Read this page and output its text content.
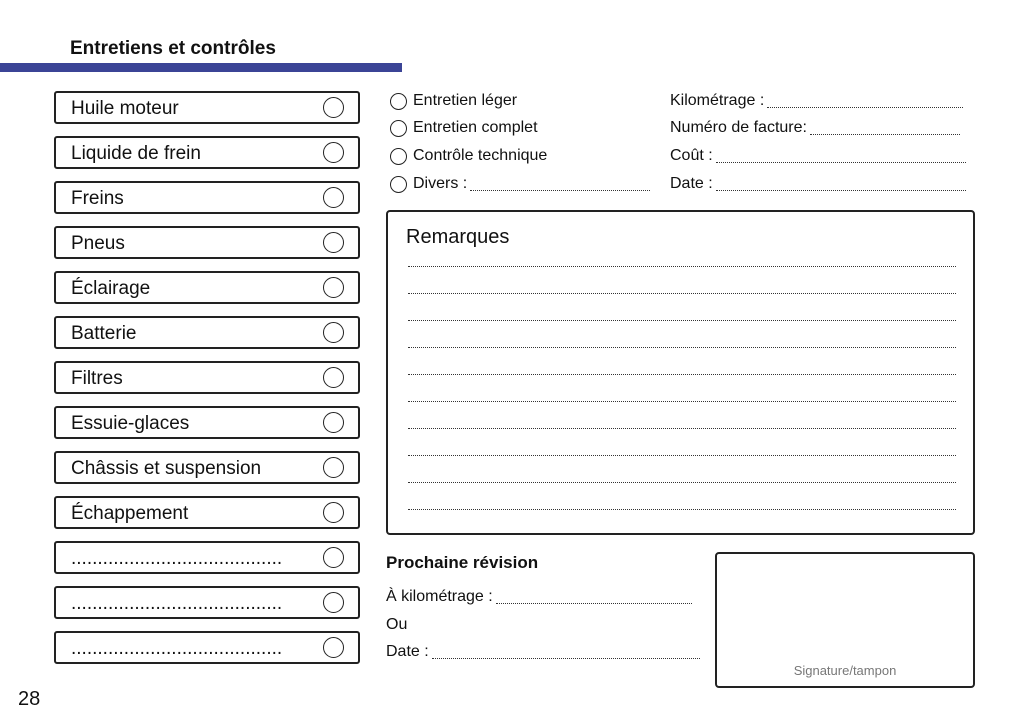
Entretiens et contrôles
Huile moteur
Liquide de frein
Freins
Pneus
Éclairage
Batterie
Filtres
Essuie-glaces
Châssis et suspension
Échappement
........................................
........................................
........................................
Entretien léger
Entretien complet
Contrôle technique
Divers :
Kilométrage :
Numéro de facture:
Coût :
Date :
Remarques
Prochaine révision
À kilométrage :
Ou
Date :
Signature/tampon
28
